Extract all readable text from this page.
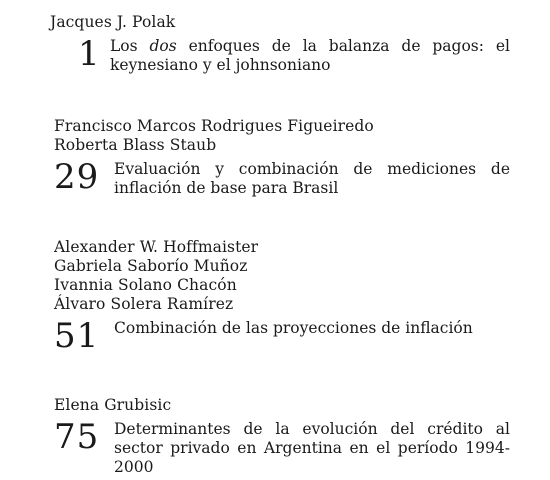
Jacques J. Polak
1 Los dos enfoques de la balanza de pagos: el keynesiano y el johnsoniano
Francisco Marcos Rodrigues Figueiredo
Roberta Blass Staub
29 Evaluación y combinación de mediciones de inflación de base para Brasil
Alexander W. Hoffmaister
Gabriela Saborío Muñoz
Ivannia Solano Chacón
Álvaro Solera Ramírez
51 Combinación de las proyecciones de inflación
Elena Grubisic
75 Determinantes de la evolución del crédito al sector privado en Argentina en el período 1994-2000
